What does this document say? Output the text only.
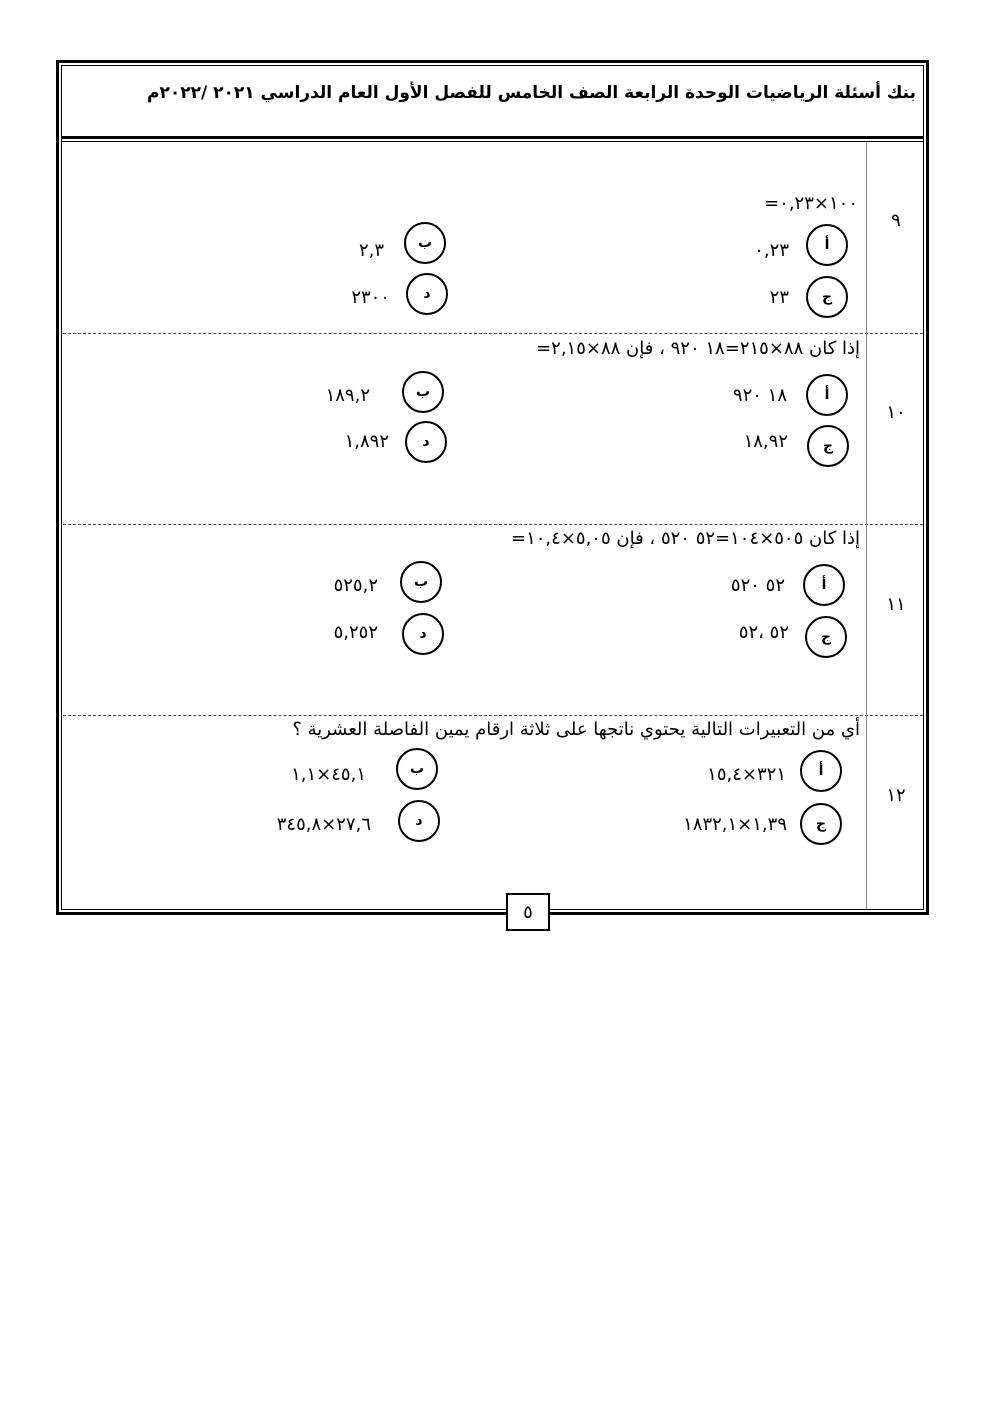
بنك أسئلة الرياضيات الوحدة الرابعة الصف الخامس للفصل الأول العام الدراسي ٢٠٢١ /٢٠٢٢م
٩
١٠٠×٠,٢٣=
أ
٠,٢٣
ب
٢,٣
ج
٢٣
د
٢٣٠٠
١٠
إذا كان ٨٨×٢١٥=١٨ ٩٢٠ ، فإن ٨٨×٢,١٥=
أ
١٨ ٩٢٠
ب
١٨٩,٢
ج
١٨,٩٢
د
١,٨٩٢
١١
إذا كان ٥٠٥×١٠٤=٥٢ ٥٢٠ ، فإن ٥,٠٥×١٠,٤=
أ
٥٢ ٥٢٠
ب
٥٢٥,٢
ج
٥٢ ،٥٢
د
٥,٢٥٢
١٢
أي من التعبيرات التالية يحتوي ناتجها على ثلاثة ارقام يمين الفاصلة العشرية ؟
أ
٣٢١×١٥,٤
ب
٤٥,١×١,١
ج
١,٣٩×١٨٣٢,١
د
٢٧,٦×٣٤٥,٨
٥
